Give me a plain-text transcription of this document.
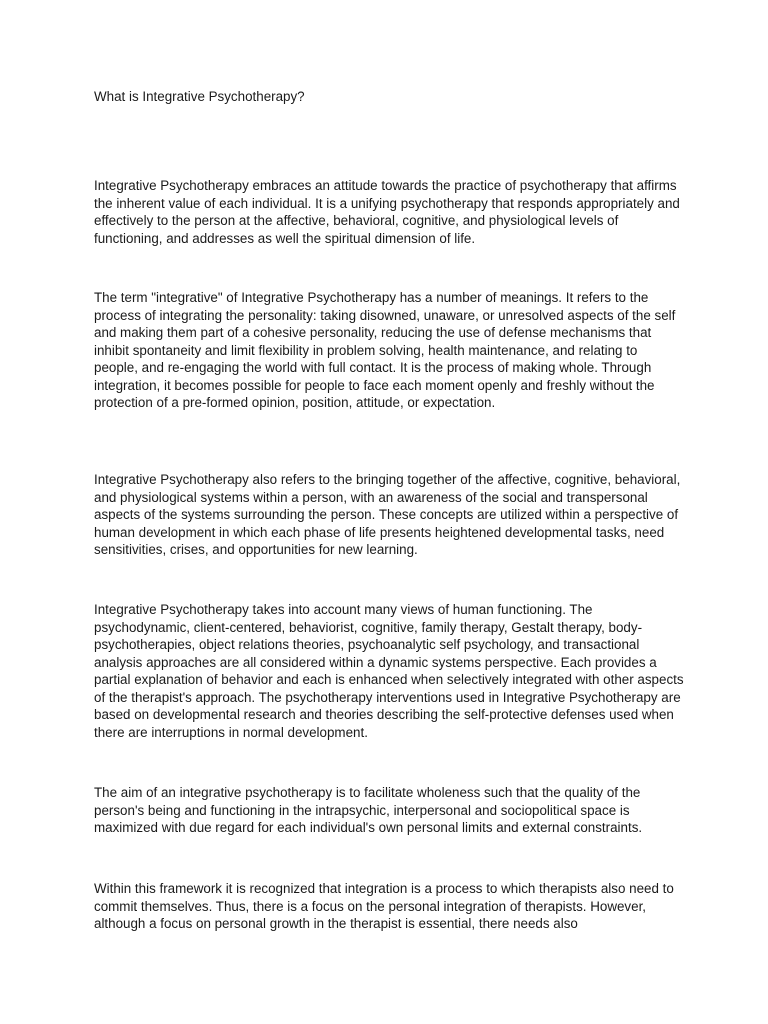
What is Integrative Psychotherapy?

Integrative Psychotherapy embraces an attitude towards the practice of psychotherapy that affirms the inherent value of each individual. It is a unifying psychotherapy that responds appropriately and effectively to the person at the affective, behavioral, cognitive, and physiological levels of functioning, and addresses as well the spiritual dimension of life.

The term "integrative" of Integrative Psychotherapy has a number of meanings. It refers to the process of integrating the personality: taking disowned, unaware, or unresolved aspects of the self and making them part of a cohesive personality, reducing the use of defense mechanisms that inhibit spontaneity and limit flexibility in problem solving, health maintenance, and relating to people, and re-engaging the world with full contact. It is the process of making whole. Through integration, it becomes possible for people to face each moment openly and freshly without the protection of a pre-formed opinion, position, attitude, or expectation.

Integrative Psychotherapy also refers to the bringing together of the affective, cognitive, behavioral, and physiological systems within a person, with an awareness of the social and transpersonal aspects of the systems surrounding the person. These concepts are utilized within a perspective of human development in which each phase of life presents heightened developmental tasks, need sensitivities, crises, and opportunities for new learning.

Integrative Psychotherapy takes into account many views of human functioning. The psychodynamic, client-centered, behaviorist, cognitive, family therapy, Gestalt therapy, body-psychotherapies, object relations theories, psychoanalytic self psychology, and transactional analysis approaches are all considered within a dynamic systems perspective. Each provides a partial explanation of behavior and each is enhanced when selectively integrated with other aspects of the therapist's approach. The psychotherapy interventions used in Integrative Psychotherapy are based on developmental research and theories describing the self-protective defenses used when there are interruptions in normal development.

The aim of an integrative psychotherapy is to facilitate wholeness such that the quality of the person's being and functioning in the intrapsychic, interpersonal and sociopolitical space is maximized with due regard for each individual's own personal limits and external constraints.

Within this framework it is recognized that integration is a process to which therapists also need to commit themselves. Thus, there is a focus on the personal integration of therapists. However, although a focus on personal growth in the therapist is essential, there needs also
